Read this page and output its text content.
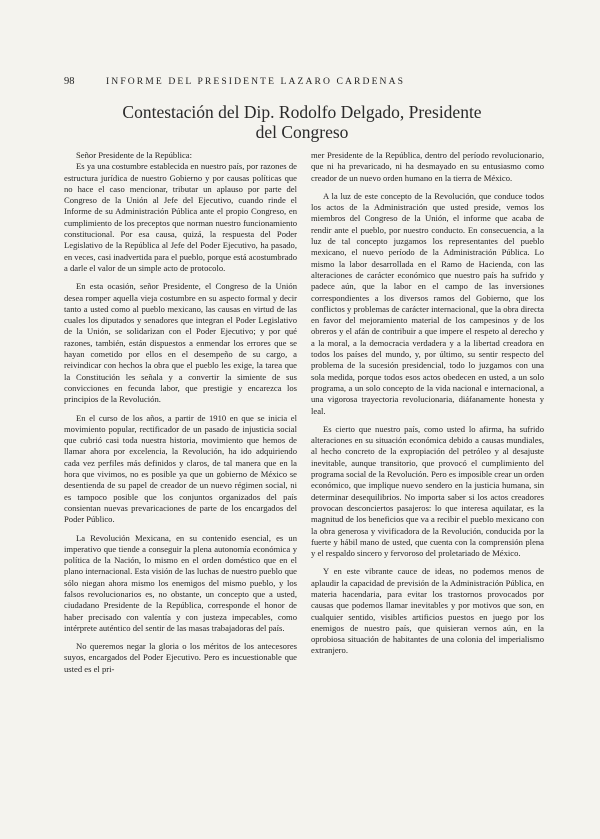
98	INFORME DEL PRESIDENTE LAZARO CARDENAS
Contestación del Dip. Rodolfo Delgado, Presidente
del Congreso

Señor Presidente de la República:

Es ya una costumbre establecida en nuestro país, por razones de estructura jurídica de nuestro Gobierno y por causas políticas que no hace el caso mencionar, tributar un aplauso por parte del Congreso de la Unión al Jefe del Ejecutivo, cuando rinde el Informe de su Administración Pública ante el propio Congreso, en cumplimiento de los preceptos que norman nuestro funcionamiento constitucional. Por esa causa, quizá, la respuesta del Poder Legislativo de la República al Jefe del Poder Ejecutivo, ha pasado, en veces, casi inadvertida para el pueblo, porque está acostumbrado a darle el valor de un simple acto de protocolo.

En esta ocasión, señor Presidente, el Congreso de la Unión desea romper aquella vieja costumbre en su aspecto formal y decir tanto a usted como al pueblo mexicano, las causas en virtud de las cuales los diputados y senadores que integran el Poder Legislativo de la Unión, se solidarizan con el Poder Ejecutivo; y por qué razones, también, están dispuestos a enmendar los errores que se hayan cometido por ellos en el desempeño de su cargo, a reivindicar con hechos la obra que el pueblo les exige, la tarea que la Constitución les señala y a convertir la simiente de sus convicciones en fecunda labor, que prestigie y encarezca los principios de la Revolución.

En el curso de los años, a partir de 1910 en que se inicia el movimiento popular, rectificador de un pasado de injusticia social que cubrió casi toda nuestra historia, movimiento que hemos de llamar ahora por excelencia, la Revolución, ha ido adquiriendo cada vez perfiles más definidos y claros, de tal manera que en la hora que vivimos, no es posible ya que un gobierno de México se desentienda de su papel de creador de un nuevo régimen social, ni es tampoco posible que los conjuntos organizados del país consientan nuevas prevaricaciones de parte de los encargados del Poder Público.

La Revolución Mexicana, en su contenido esencial, es un imperativo que tiende a conseguir la plena autonomía económica y política de la Nación, lo mismo en el orden doméstico que en el plano internacional. Esta visión de las luchas de nuestro pueblo que sólo niegan ahora mismo los enemigos del mismo pueblo, y los falsos revolucionarios es, no obstante, un concepto que a usted, ciudadano Presidente de la República, corresponde el honor de haber precisado con valentía y con justeza impecables, como intérprete auténtico del sentir de las masas trabajadoras del país.

No queremos negar la gloria o los méritos de los antecesores suyos, encargados del Poder Ejecutivo. Pero es incuestionable que usted es el pri-

mer Presidente de la República, dentro del período revolucionario, que ni ha prevaricado, ni ha desmayado en su entusiasmo como creador de un nuevo orden humano en la tierra de México.

A la luz de este concepto de la Revolución, que conduce todos los actos de la Administración que usted preside, vemos los miembros del Congreso de la Unión, el informe que acaba de rendir ante el pueblo, por nuestro conducto. En consecuencia, a la luz de tal concepto juzgamos los representantes del pueblo mexicano, el nuevo período de la Administración Pública. Lo mismo la labor desarrollada en el Ramo de Hacienda, con las alteraciones de carácter económico que nuestro país ha sufrido y padece aún, que la labor en el campo de las inversiones correspondientes a los diversos ramos del Gobierno, que los conflictos y problemas de carácter internacional, que la obra directa en favor del mejoramiento material de los campesinos y de los obreros y el afán de contribuir a que impere el respeto al derecho y a la moral, a la democracia verdadera y a la libertad creadora en todos los países del mundo, y, por último, su sentir respecto del problema de la sucesión presidencial, todo lo juzgamos con una sola medida, porque todos esos actos obedecen en usted, a un solo programa, a un solo concepto de la vida nacional e internacional, a una vigorosa trayectoria revolucionaria, diáfanamente honesta y leal.

Es cierto que nuestro país, como usted lo afirma, ha sufrido alteraciones en su situación económica debido a causas mundiales, al hecho concreto de la expropiación del petróleo y al desajuste inevitable, aunque transitorio, que provocó el cumplimiento del programa social de la Revolución. Pero es imposible crear un orden económico, que implique nuevo sendero en la justicia humana, sin determinar desequilibrios. No importa saber si los actos creadores provocan desconciertos pasajeros: lo que interesa aquilatar, es la magnitud de los beneficios que va a recibir el pueblo mexicano con la obra generosa y vivificadora de la Revolución, conducida por la fuerte y hábil mano de usted, que cuenta con la comprensión plena y el respaldo sincero y fervoroso del proletariado de México.

Y en este vibrante cauce de ideas, no podemos menos de aplaudir la capacidad de previsión de la Administración Pública, en materia hacendaria, para evitar los trastornos provocados por causas que podemos llamar inevitables y por motivos que son, en cualquier sentido, visibles artificios puestos en juego por los enemigos de nuestro país, que quisieran vernos aún, en la oprobiosa situación de habitantes de una colonia del imperialismo extranjero.
